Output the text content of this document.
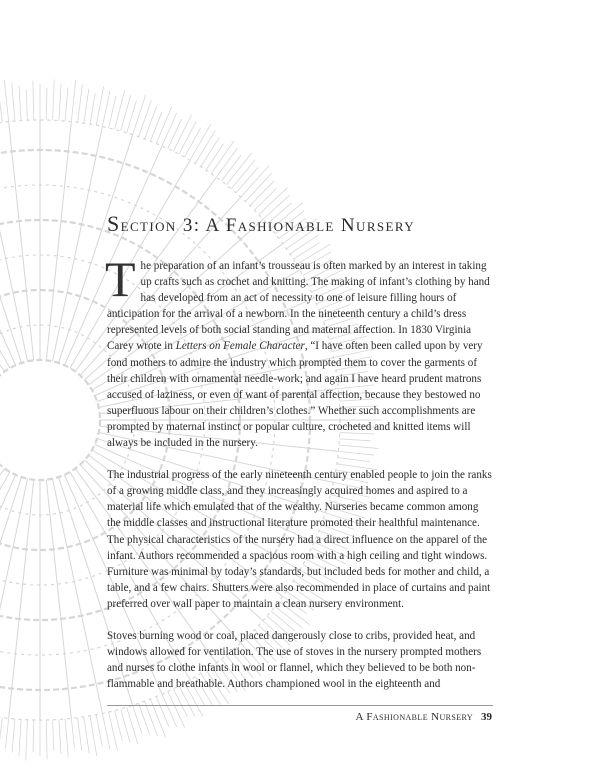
Section 3: A Fashionable Nursery

The preparation of an infant’s trousseau is often marked by an interest in taking up crafts such as crochet and knitting. The making of infant’s clothing by hand has developed from an act of necessity to one of leisure filling hours of anticipation for the arrival of a newborn. In the nineteenth century a child’s dress represented levels of both social standing and maternal affection. In 1830 Virginia Carey wrote in Letters on Female Character, “I have often been called upon by very fond mothers to admire the industry which prompted them to cover the garments of their children with ornamental needle-work; and again I have heard prudent matrons accused of laziness, or even of want of parental affection, because they bestowed no superfluous labour on their children’s clothes.” Whether such accomplishments are prompted by maternal instinct or popular culture, crocheted and knitted items will always be included in the nursery.

The industrial progress of the early nineteenth century enabled people to join the ranks of a growing middle class, and they increasingly acquired homes and aspired to a material life which emulated that of the wealthy. Nurseries became common among the middle classes and instructional literature promoted their healthful maintenance. The physical characteristics of the nursery had a direct influence on the apparel of the infant. Authors recommended a spacious room with a high ceiling and tight windows. Furniture was minimal by today’s standards, but included beds for mother and child, a table, and a few chairs. Shutters were also recommended in place of curtains and paint preferred over wall paper to maintain a clean nursery environment.

Stoves burning wood or coal, placed dangerously close to cribs, provided heat, and windows allowed for ventilation. The use of stoves in the nursery prompted mothers and nurses to clothe infants in wool or flannel, which they believed to be both non-flammable and breathable. Authors championed wool in the eighteenth and

A Fashionable Nursery 39
